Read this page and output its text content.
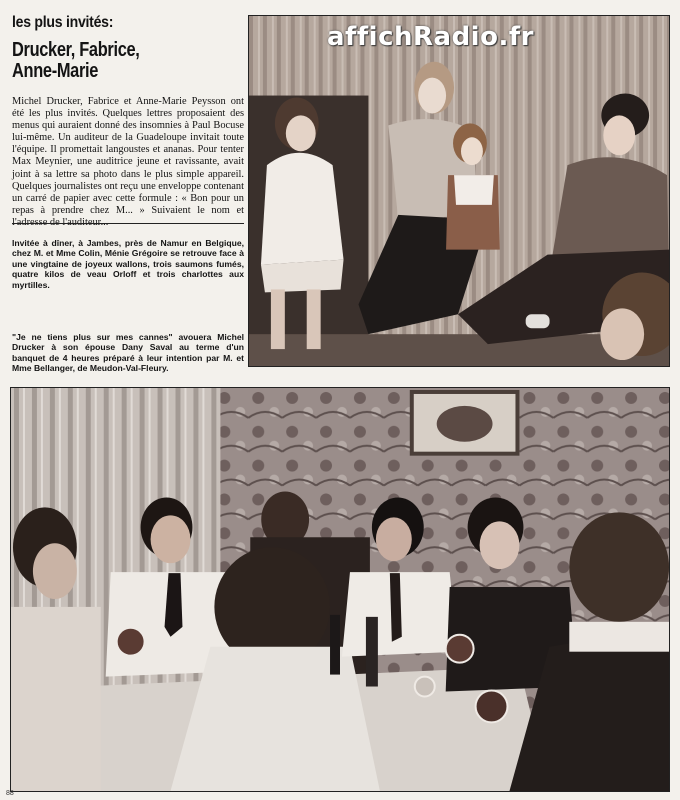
les plus invités:
Drucker, Fabrice,
Anne-Marie
Michel Drucker, Fabrice et Anne-Marie Peysson ont été les plus invités. Quelques lettres proposaient des menus qui auraient donné des insomnies à Paul Bocuse lui-même. Un auditeur de la Guadeloupe invitait toute l'équipe. Il promettait langoustes et ananas. Pour tenter Max Meynier, une auditrice jeune et ravissante, avait joint à sa lettre sa photo dans le plus simple appareil. Quelques journalistes ont reçu une enveloppe contenant un carré de papier avec cette formule : « Bon pour un repas à prendre chez M... » Suivaient le nom et l'adresse de l'auditeur...
Invitée à dîner, à Jambes, près de Namur en Belgique, chez M. et Mme Colin, Ménie Grégoire se retrouve face à une vingtaine de joyeux wallons, trois saumons fumés, quatre kilos de veau Orloff et trois charlottes aux myrtilles.
"Je ne tiens plus sur mes cannes" avouera Michel Drucker à son épouse Dany Saval au terme d'un banquet de 4 heures préparé à leur intention par M. et Mme Bellanger, de Meudon-Val-Fleury.
affichRadio.fr
88
